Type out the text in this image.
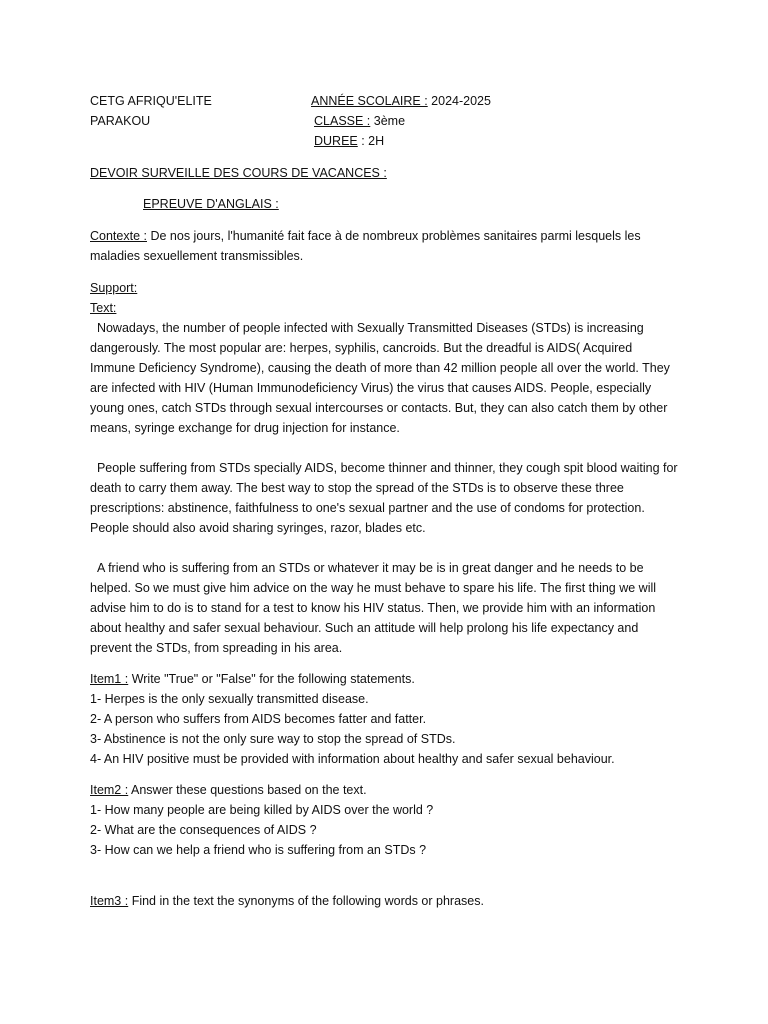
CETG AFRIQU'ELITE
PARAKOU
ANNÉE SCOLAIRE : 2024-2025
CLASSE : 3ème
DUREE : 2H
DEVOIR SURVEILLE DES COURS DE VACANCES :
EPREUVE D'ANGLAIS :
Contexte : De nos jours, l'humanité fait face à de nombreux problèmes sanitaires parmi lesquels les maladies sexuellement transmissibles.
Support:
Text:

Nowadays, the number of people infected with Sexually Transmitted Diseases (STDs) is increasing dangerously. The most popular are: herpes, syphilis, cancroids. But the dreadful is AIDS( Acquired Immune Deficiency Syndrome), causing the death of more than 42 million people all over the world. They are infected with HIV (Human Immunodeficiency Virus) the virus that causes AIDS. People, especially young ones, catch STDs through sexual intercourses or contacts. But, they can also catch them by other means, syringe exchange for drug injection for instance.

People suffering from STDs specially AIDS, become thinner and thinner, they cough spit blood waiting for death to carry them away. The best way to stop the spread of the STDs is to observe these three prescriptions: abstinence, faithfulness to one's sexual partner and the use of condoms for protection. People should also avoid sharing syringes, razor, blades etc.

A friend who is suffering from an STDs or whatever it may be is in great danger and he needs to be helped. So we must give him advice on the way he must behave to spare his life. The first thing we will advise him to do is to stand for a test to know his HIV status. Then, we provide him with an information about healthy and safer sexual behaviour. Such an attitude will help prolong his life expectancy and prevent the STDs, from spreading in his area.

Item1 : Write "True" or "False" for the following statements.
1- Herpes is the only sexually transmitted disease.
2- A person who suffers from AIDS becomes fatter and fatter.
3- Abstinence is not the only sure way to stop the spread of STDs.
4- An HIV positive must be provided with information about healthy and safer sexual behaviour.
Item2 : Answer these questions based on the text.
1- How many people are being killed by AIDS over the world ?
2- What are the consequences of AIDS ?
3- How can we help a friend who is suffering from an STDs ?
Item3 : Find in the text the synonyms of the following words or phrases.
